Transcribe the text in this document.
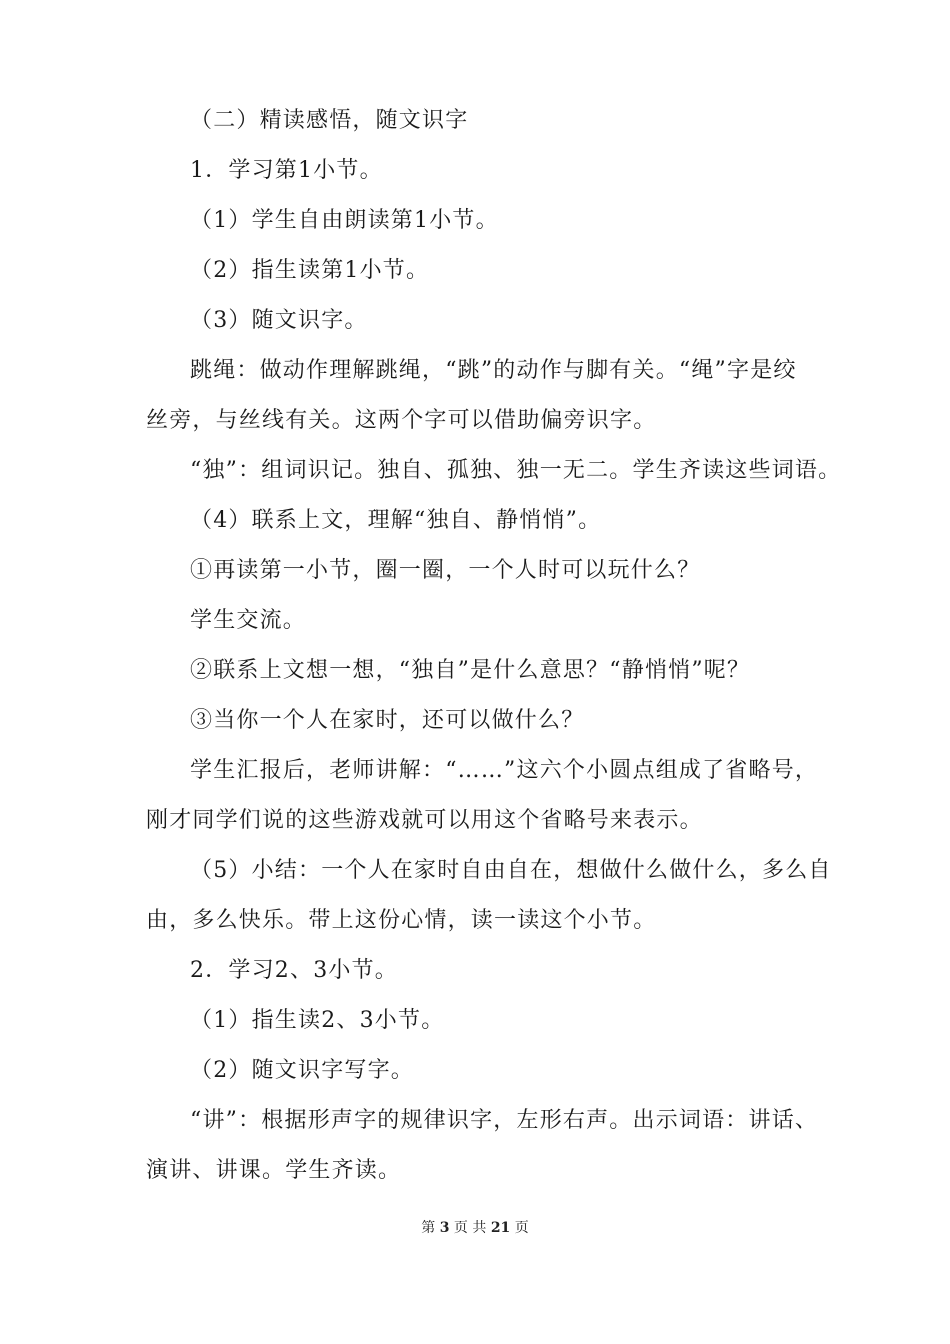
（二）精读感悟，随文识字
1．学习第1小节。
（1）学生自由朗读第1小节。
（2）指生读第1小节。
（3）随文识字。
跳绳：做动作理解跳绳，“跳”的动作与脚有关。“绳”字是绞
丝旁，与丝线有关。这两个字可以借助偏旁识字。
“独”：组词识记。独自、孤独、独一无二。学生齐读这些词语。
（4）联系上文，理解“独自、静悄悄”。
①再读第一小节，圈一圈，一个人时可以玩什么？
学生交流。
②联系上文想一想，“独自”是什么意思？“静悄悄”呢？
③当你一个人在家时，还可以做什么？
学生汇报后，老师讲解：“……”这六个小圆点组成了省略号，
刚才同学们说的这些游戏就可以用这个省略号来表示。
（5）小结：一个人在家时自由自在，想做什么做什么，多么自
由，多么快乐。带上这份心情，读一读这个小节。
2．学习2、3小节。
（1）指生读2、3小节。
（2）随文识字写字。
“讲”：根据形声字的规律识字，左形右声。出示词语：讲话、
演讲、讲课。学生齐读。
第 3 页 共 21 页
